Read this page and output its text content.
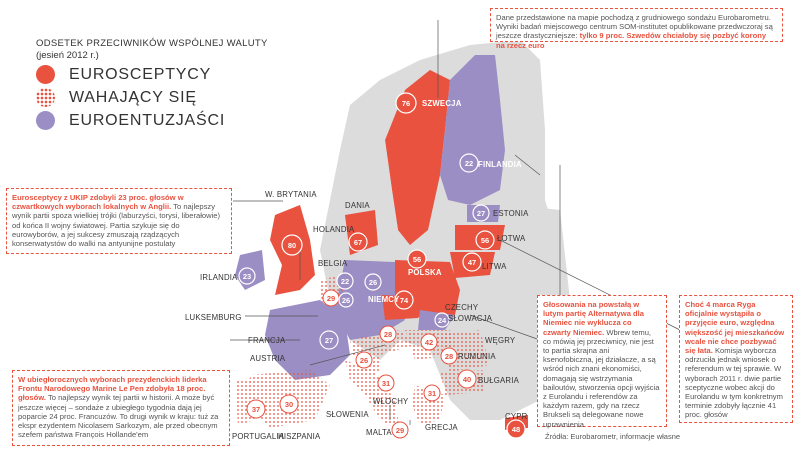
76
22
27
56
47
56
67
80
23
29
22
26
26
74
24
27
28
42
28
40
26
31
31
29	48
37
30
ODSETEK PRZECIWNIKÓW WSPÓLNEJ WALUTY
(jesień 2012 r.)
EUROSCEPTYCY
WAHAJĄCY SIĘ
EUROENTUZJAŚCI

Dane przedstawione na mapie pochodzą z grudniowego sondażu Eurobarometru. Wyniki badań miejscowego centrum SOM-institutet opublikowane przedwczoraj są jeszcze drastyczniejsze: tylko 9 proc. Szwedów chciałoby się pozbyć korony na rzecz euro

Eurosceptycy z UKIP zdobyli 23 proc. głosów w czwartkowych wyborach lokalnych w Anglii. To najlepszy wynik partii spoza wielkiej trójki (laburzyści, torysi, liberałowie) od końca II wojny światowej. Partia szykuje się do eurowyborów, a jej sukcesy zmuszają rządzących konserwatystów do walki na antyunijne postulaty

W ubiegłorocznych wyborach prezydenckich liderka Frontu Narodowego Marine Le Pen zdobyła 18 proc. głosów. To najlepszy wynik tej partii w historii. A może być jeszcze więcej – sondaże z ubiegłego tygodnia dają jej poparcie 24 proc. Francuzów. To drugi wynik w kraju: tuż za ekspr ezydentem Nicolasem Sarkozym, ale przed obecnym szefem państwa François Hollande'em

Głosowania na powstałą w lutym partię Alternatywa dla Niemiec nie wyklucza co czwarty Niemiec. Wbrew temu, co mówią jej przeciwnicy, nie jest to partia skrajna ani ksenofobiczna, jej działacze, a są wśród nich znani ekonomiści, domagają się wstrzymania bailoutów, stworzenia opcji wyjścia z Eurolandu i referendów za każdym razem, gdy na rzecz Brukseli są delegowane nowe uprawnienia

Choć 4 marca Ryga oficjalnie wystąpiła o przyjęcie euro, względna większość jej mieszkańców wcale nie chce pozbywać się łata. Komisja wyborcza odrzuciła jednak wniosek o referendum w tej sprawie. W wyborach 2011 r. dwie partie sceptyczne wobec akcji do Eurolandu w tym konkretnym terminie zdobyły łącznie 41 proc. głosów

SZWECJA
FINLANDIA
ESTONIA
ŁOTWA
LITWA
POLSKA
DANIA
W. BRYTANIA
IRLANDIA
HOLANDIA
BELGIA
LUKSEMBURG
NIEMCY
CZECHY
SŁOWACJA
FRANCJA
AUSTRIA
WĘGRY
RUMUNIA
BUŁGARIA
SŁOWENIA
WŁOCHY
GRECJA
MALTA
CYPR
PORTUGALIA
HISZPANIA	Źródła: Eurobarometr, informacje własne
